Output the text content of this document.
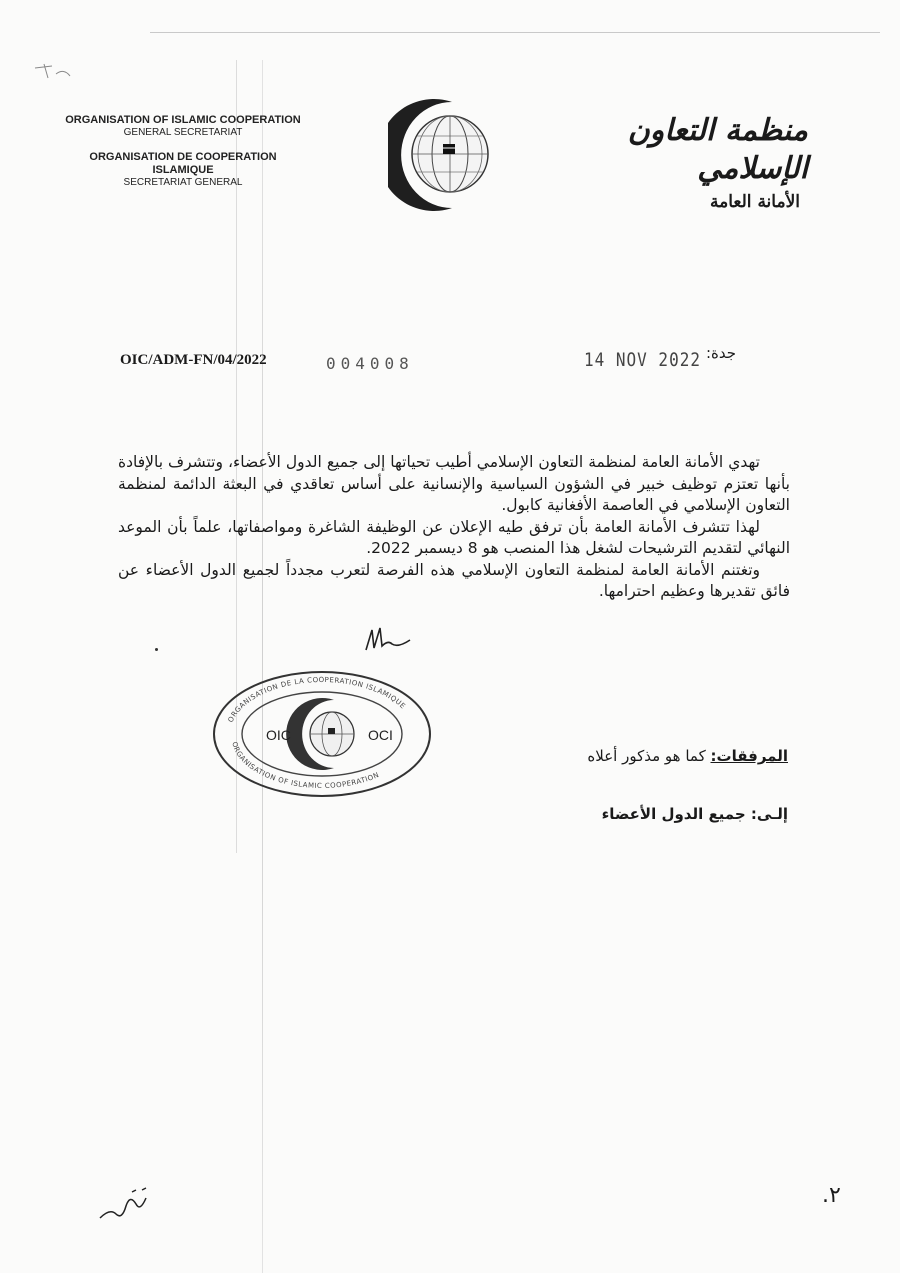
ORGANISATION OF ISLAMIC COOPERATION
GENERAL SECRETARIAT
ORGANISATION DE COOPERATION ISLAMIQUE
SECRETARIAT GENERAL
منظمة التعاون الإسلامي
الأمانة العامة
OIC/ADM-FN/04/2022	004008	14 NOV 2022 جدة:

تهدي الأمانة العامة لمنظمة التعاون الإسلامي أطيب تحياتها إلى جميع الدول الأعضاء، وتتشرف بالإفادة بأنها تعتزم توظيف خبير في الشؤون السياسية والإنسانية على أساس تعاقدي في البعثة الدائمة لمنظمة التعاون الإسلامي في العاصمة الأفغانية كابول.

لهذا تتشرف الأمانة العامة بأن ترفق طيه الإعلان عن الوظيفة الشاغرة ومواصفاتها، علماً بأن الموعد النهائي لتقديم الترشيحات لشغل هذا المنصب هو 8 ديسمبر 2022.

وتغتنم الأمانة العامة لمنظمة التعاون الإسلامي هذه الفرصة لتعرب مجدداً لجميع الدول الأعضاء عن فائق تقديرها وعظيم احترامها.

ORGANISATION OF ISLAMIC COOPERATION
ORGANISATION DE LA COOPERATION ISLAMIQUE
OIC	OCI
المرفقات: كما هو مذكور أعلاه
إلـى: جميع الدول الأعضاء
.٢
